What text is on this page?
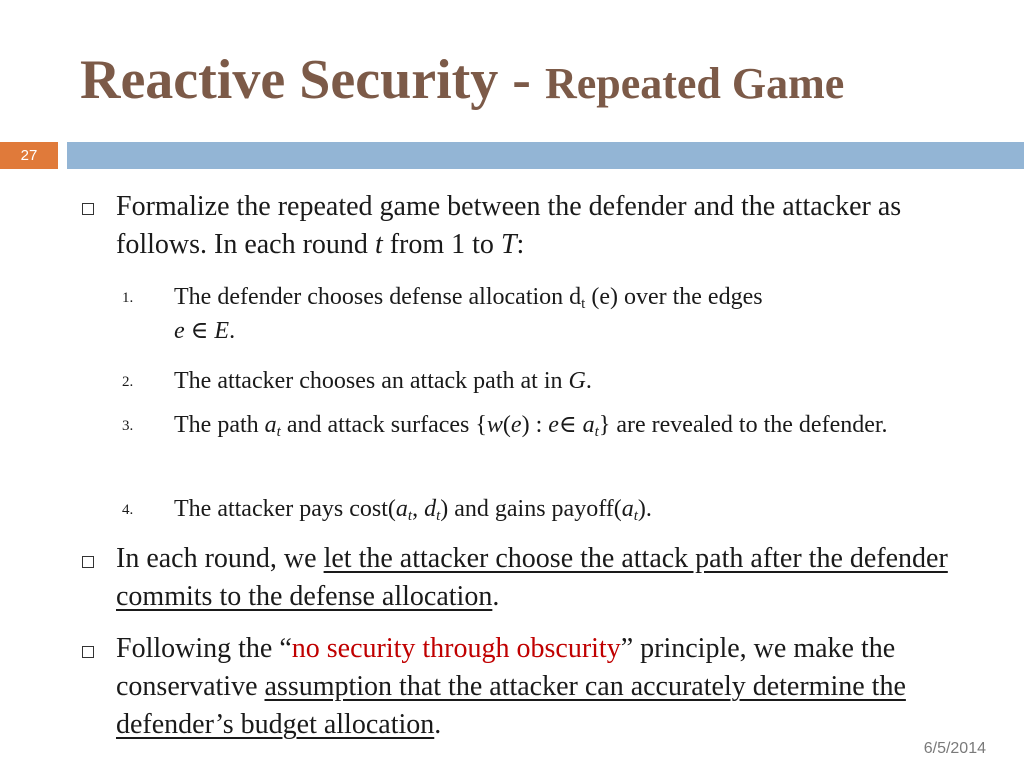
Reactive Security - Repeated Game
27
Formalize the repeated game between the defender and the attacker as follows. In each round t from 1 to T:
1. The defender chooses defense allocation $d_t$ (e) over the edges
e ∈ E.
2. The attacker chooses an attack path at in G.
3. The path $a_t$ and attack surfaces {w(e) : e∈ $a_t$} are revealed to the defender.
4. The attacker pays $\cos t(a_t$, $d_t$) and gains $payoff(a_t)$.
In each round, we let the attacker choose the attack path after the defender commits to the defense allocation.
Following the “no security through obscurity” principle, we make the conservative assumption that the attacker can accurately determine the defender’s budget allocation.
6/5/2014
